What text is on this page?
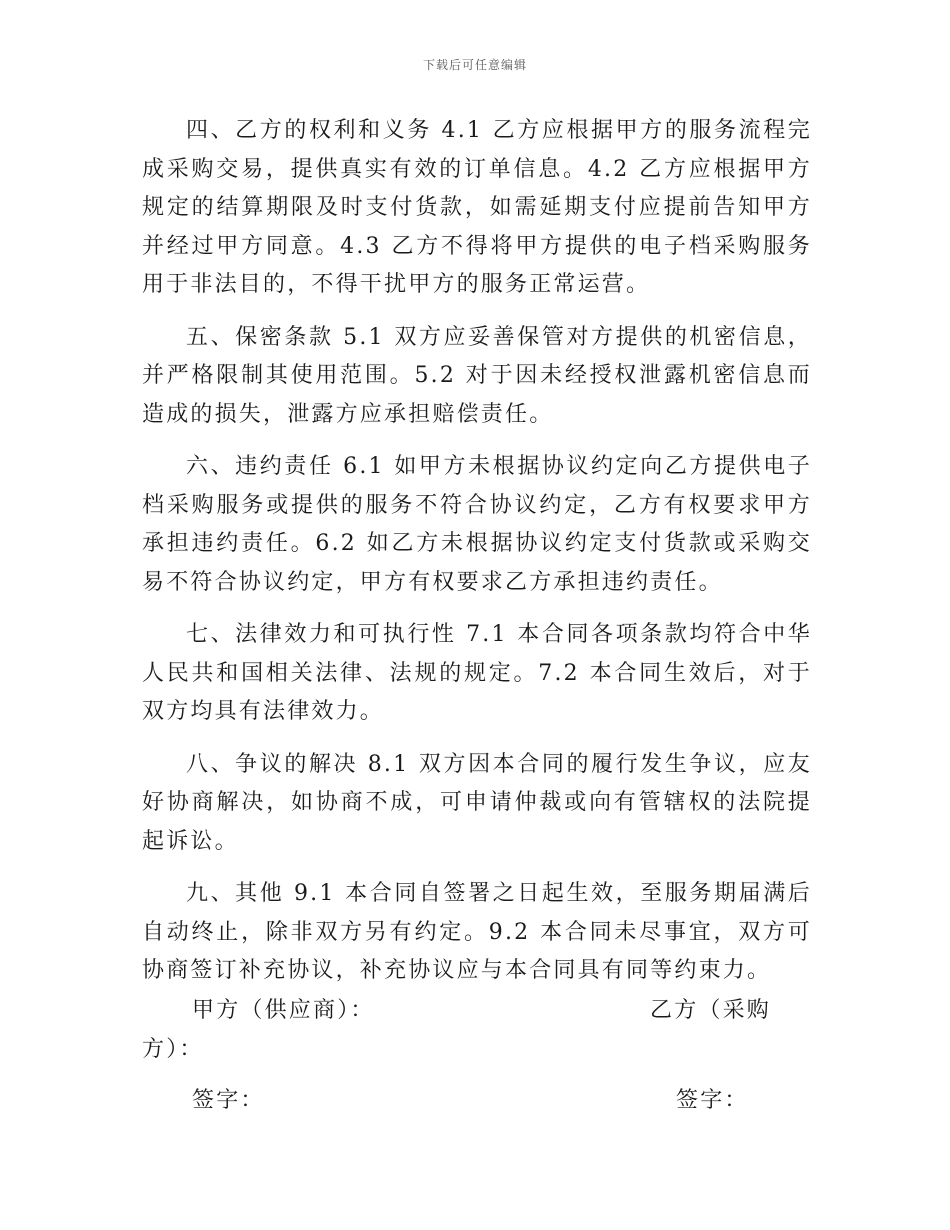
下载后可任意编辑

四、乙方的权利和义务 4.1 乙方应根据甲方的服务流程完成采购交易，提供真实有效的订单信息。4.2 乙方应根据甲方规定的结算期限及时支付货款，如需延期支付应提前告知甲方并经过甲方同意。4.3 乙方不得将甲方提供的电子档采购服务用于非法目的，不得干扰甲方的服务正常运营。

五、保密条款 5.1 双方应妥善保管对方提供的机密信息，并严格限制其使用范围。5.2 对于因未经授权泄露机密信息而造成的损失，泄露方应承担赔偿责任。

六、违约责任 6.1 如甲方未根据协议约定向乙方提供电子档采购服务或提供的服务不符合协议约定，乙方有权要求甲方承担违约责任。6.2 如乙方未根据协议约定支付货款或采购交易不符合协议约定，甲方有权要求乙方承担违约责任。

七、法律效力和可执行性 7.1 本合同各项条款均符合中华人民共和国相关法律、法规的规定。7.2 本合同生效后，对于双方均具有法律效力。

八、争议的解决 8.1 双方因本合同的履行发生争议，应友好协商解决，如协商不成，可申请仲裁或向有管辖权的法院提起诉讼。

九、其他 9.1 本合同自签署之日起生效，至服务期届满后自动终止，除非双方另有约定。9.2 本合同未尽事宜，双方可协商签订补充协议，补充协议应与本合同具有同等约束力。

甲方（供应商）：	乙方（采购
方）：
签字：	签字：
